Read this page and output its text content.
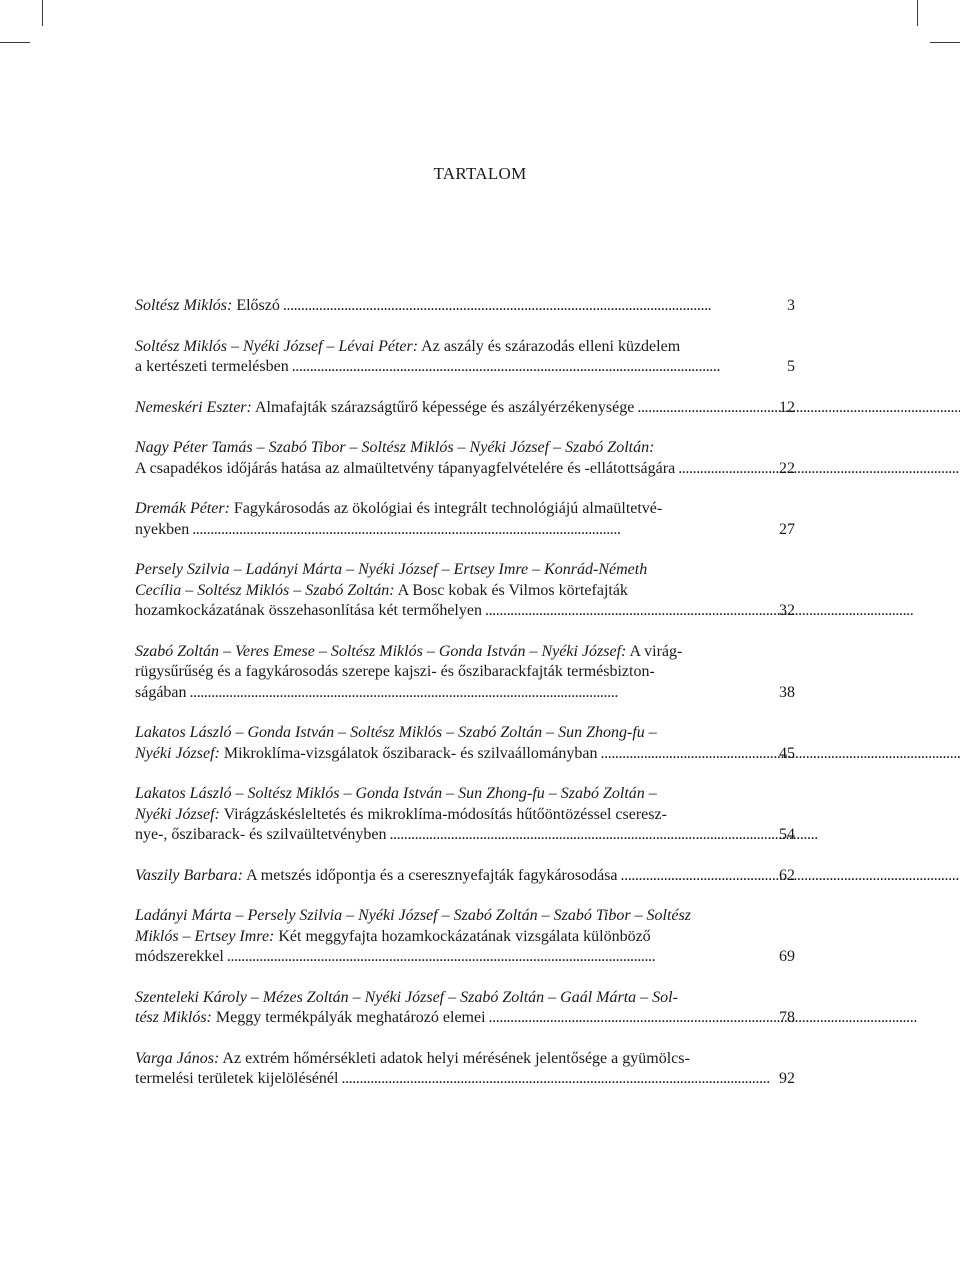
TARTALOM

Soltész Miklós: Előszó . . .	3

Soltész Miklós – Nyéki József – Lévai Péter: Az aszály és szárazodás elleni küzdelem
a kertészeti termelésben . . .	5

Nemeskéri Eszter: Almafajták szárazságtűrő képessége és aszályérzékenysége . . .	12

Nagy Péter Tamás – Szabó Tibor – Soltész Miklós – Nyéki József – Szabó Zoltán:
A csapadékos időjárás hatása az almaültetvény tápanyagfelvételére és -ellátottságára . . .	22

Dremák Péter: Fagykárosodás az ökológiai és integrált technológiájú almaültetvé-
nyekben . . .	27

Persely Szilvia – Ladányi Márta – Nyéki József – Ertsey Imre – Konrád-Németh
Cecília – Soltész Miklós – Szabó Zoltán: A Bosc kobak és Vilmos körtefajták
hozamkockázatának összehasonlítása két termőhelyen . . .	32

Szabó Zoltán – Veres Emese – Soltész Miklós – Gonda István – Nyéki József: A virág-
rügysűrűség és a fagykárosodás szerepe kajszi- és őszibarackfajták termésbizton-
ságában . . .	38

Lakatos László – Gonda István – Soltész Miklós – Szabó Zoltán – Sun Zhong-fu –
Nyéki József: Mikroklíma-vizsgálatok őszibarack- és szilvaállományban . . .	45

Lakatos László – Soltész Miklós – Gonda István – Sun Zhong-fu – Szabó Zoltán –
Nyéki József: Virágzáskésleltetés és mikroklíma-módosítás hűtőöntözéssel cseresz-
nye-, őszibarack- és szilvaültetvényben . . .	54

Vaszily Barbara: A metszés időpontja és a cseresznyefajták fagykárosodása . . .	62

Ladányi Márta – Persely Szilvia – Nyéki József – Szabó Zoltán – Szabó Tibor – Soltész
Miklós – Ertsey Imre: Két meggyfajta hozamkockázatának vizsgálata különböző
módszerekkel . . .	69

Szenteleki Károly – Mézes Zoltán – Nyéki József – Szabó Zoltán – Gaál Márta – Sol-
tész Miklós: Meggy termékpályák meghatározó elemei . . .	78

Varga János: Az extrém hőmérsékleti adatok helyi mérésének jelentősége a gyümölcs-
termelési területek kijelölésénél . . .	92
